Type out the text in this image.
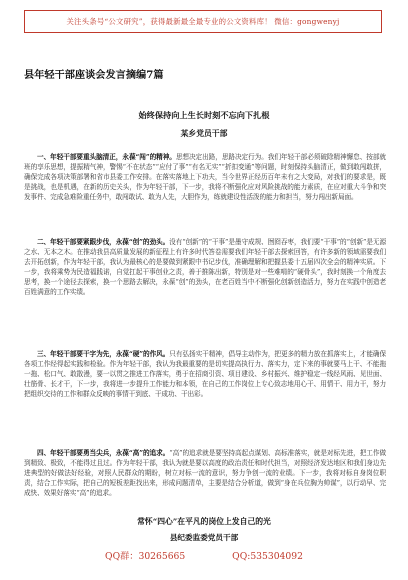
关注头条号“公文研究”，获得最新最全最专业的公文资料库！ 微信：gongwenyj
县年轻干部座谈会发言摘编7篇
始终保持向上生长时刻不忘向下扎根
某乡党员干部
一、年轻干部要重头脑清正，永葆“闯”的精神。思想决定出路，思路决定行为。我们年轻干部必须破除精神懈怠、按部就班的享乐思想，提振精气神，警惕“不在状态”“应付了事”“有名无实”“折扣变通”等问题，时刻保持头脑清正，做到敢闯敢拼，确保完成各项决策部署和省市县委工作安排。在落实落地上下功夫，当今世界正经历百年未有之大变局，对我们的要求是，既是挑战，也是机遇，在新的历史关头，作为年轻干部，下一步，我将不断强化应对风险挑战的能力素质，在应对重大斗争和突发事件、完成急难险重任务中，敢闯敢试、敢为人先，大胆作为，练就建设性活泼的能力和担当，努力闯出新局面。
二、年轻干部要紧跟步伐，永葆“创”的劲头。没有“创新”的“干事”是墨守成规、囫囵吞枣，我们要“干事”的“创新”是无源之水、无本之木。在推动我县高质量发展的新征程上有许多时代答卷需要我们年轻干部去探索回答，有许多新的领域需要我们去开拓创新，作为年轻干部，我认为最核心的是要做到紧跟中书记步伐，准确理解和把握县委十五届四次全会的精神实质。下一步，我将乘势为民造福践诺，自觉扛起干事创业之责，善于推陈出新，特别是对一些难啃的“硬骨头”，我时刻换一个角度去思考，换一个途径去探索，换一个思路去解决，永葆“创”的劲头，在老百姓当中不断强化创新创造活力，努力在实践中创造老百姓满意的工作实绩。
三、年轻干部要干字为先，永葆“硬”的作风。只有弘扬实干精神，倡导主动作为，把更多的精力放在抓落实上，才能确保各项工作经得起实践和检验。作为年轻干部，我认为我最重要的是切实提高执行力、落实力，定下来的事就要马上干、不能拖一拖、松口气、敢散漫，要一以贯之推进工作落实，勇于在招商引资、项目建设、乡村振兴、维护稳定一线经风雨、见世面、壮筋骨、长才干，下一步，我将进一步提升工作能力和本领，在自己的工作岗位上专心致志地用心干、用情干、用力干，努力把组织交待的工作和群众反映的事情干到底、干成功、干出彩。
四、年轻干部要勇当尖兵，永葆“高”的追求。“高”的追求就是要坚持高起点谋划、高标准落实，就是对标先进，把工作做到精致、极致，不能得过且过。作为年轻干部，我认为就是要以高度的政治责任和时代担当，对照经济发达地区和我们身边先进典型的好做法好经验，对照人民群众的期盼，树立对标一流的意识，努力争创一流的业绩。下一步，我将对标自身岗位职责，结合工作实际，把自己的短板差距找出来，形成问题清单，主要是结合分析道，做到“身在兵位胸为帅谋”，以行动早、完成快、效果好落实“高”的追求。
常怀“四心”在平凡的岗位上发自己的光
县纪委监委党员干部
QQ群：30265665	QQ:535304092
